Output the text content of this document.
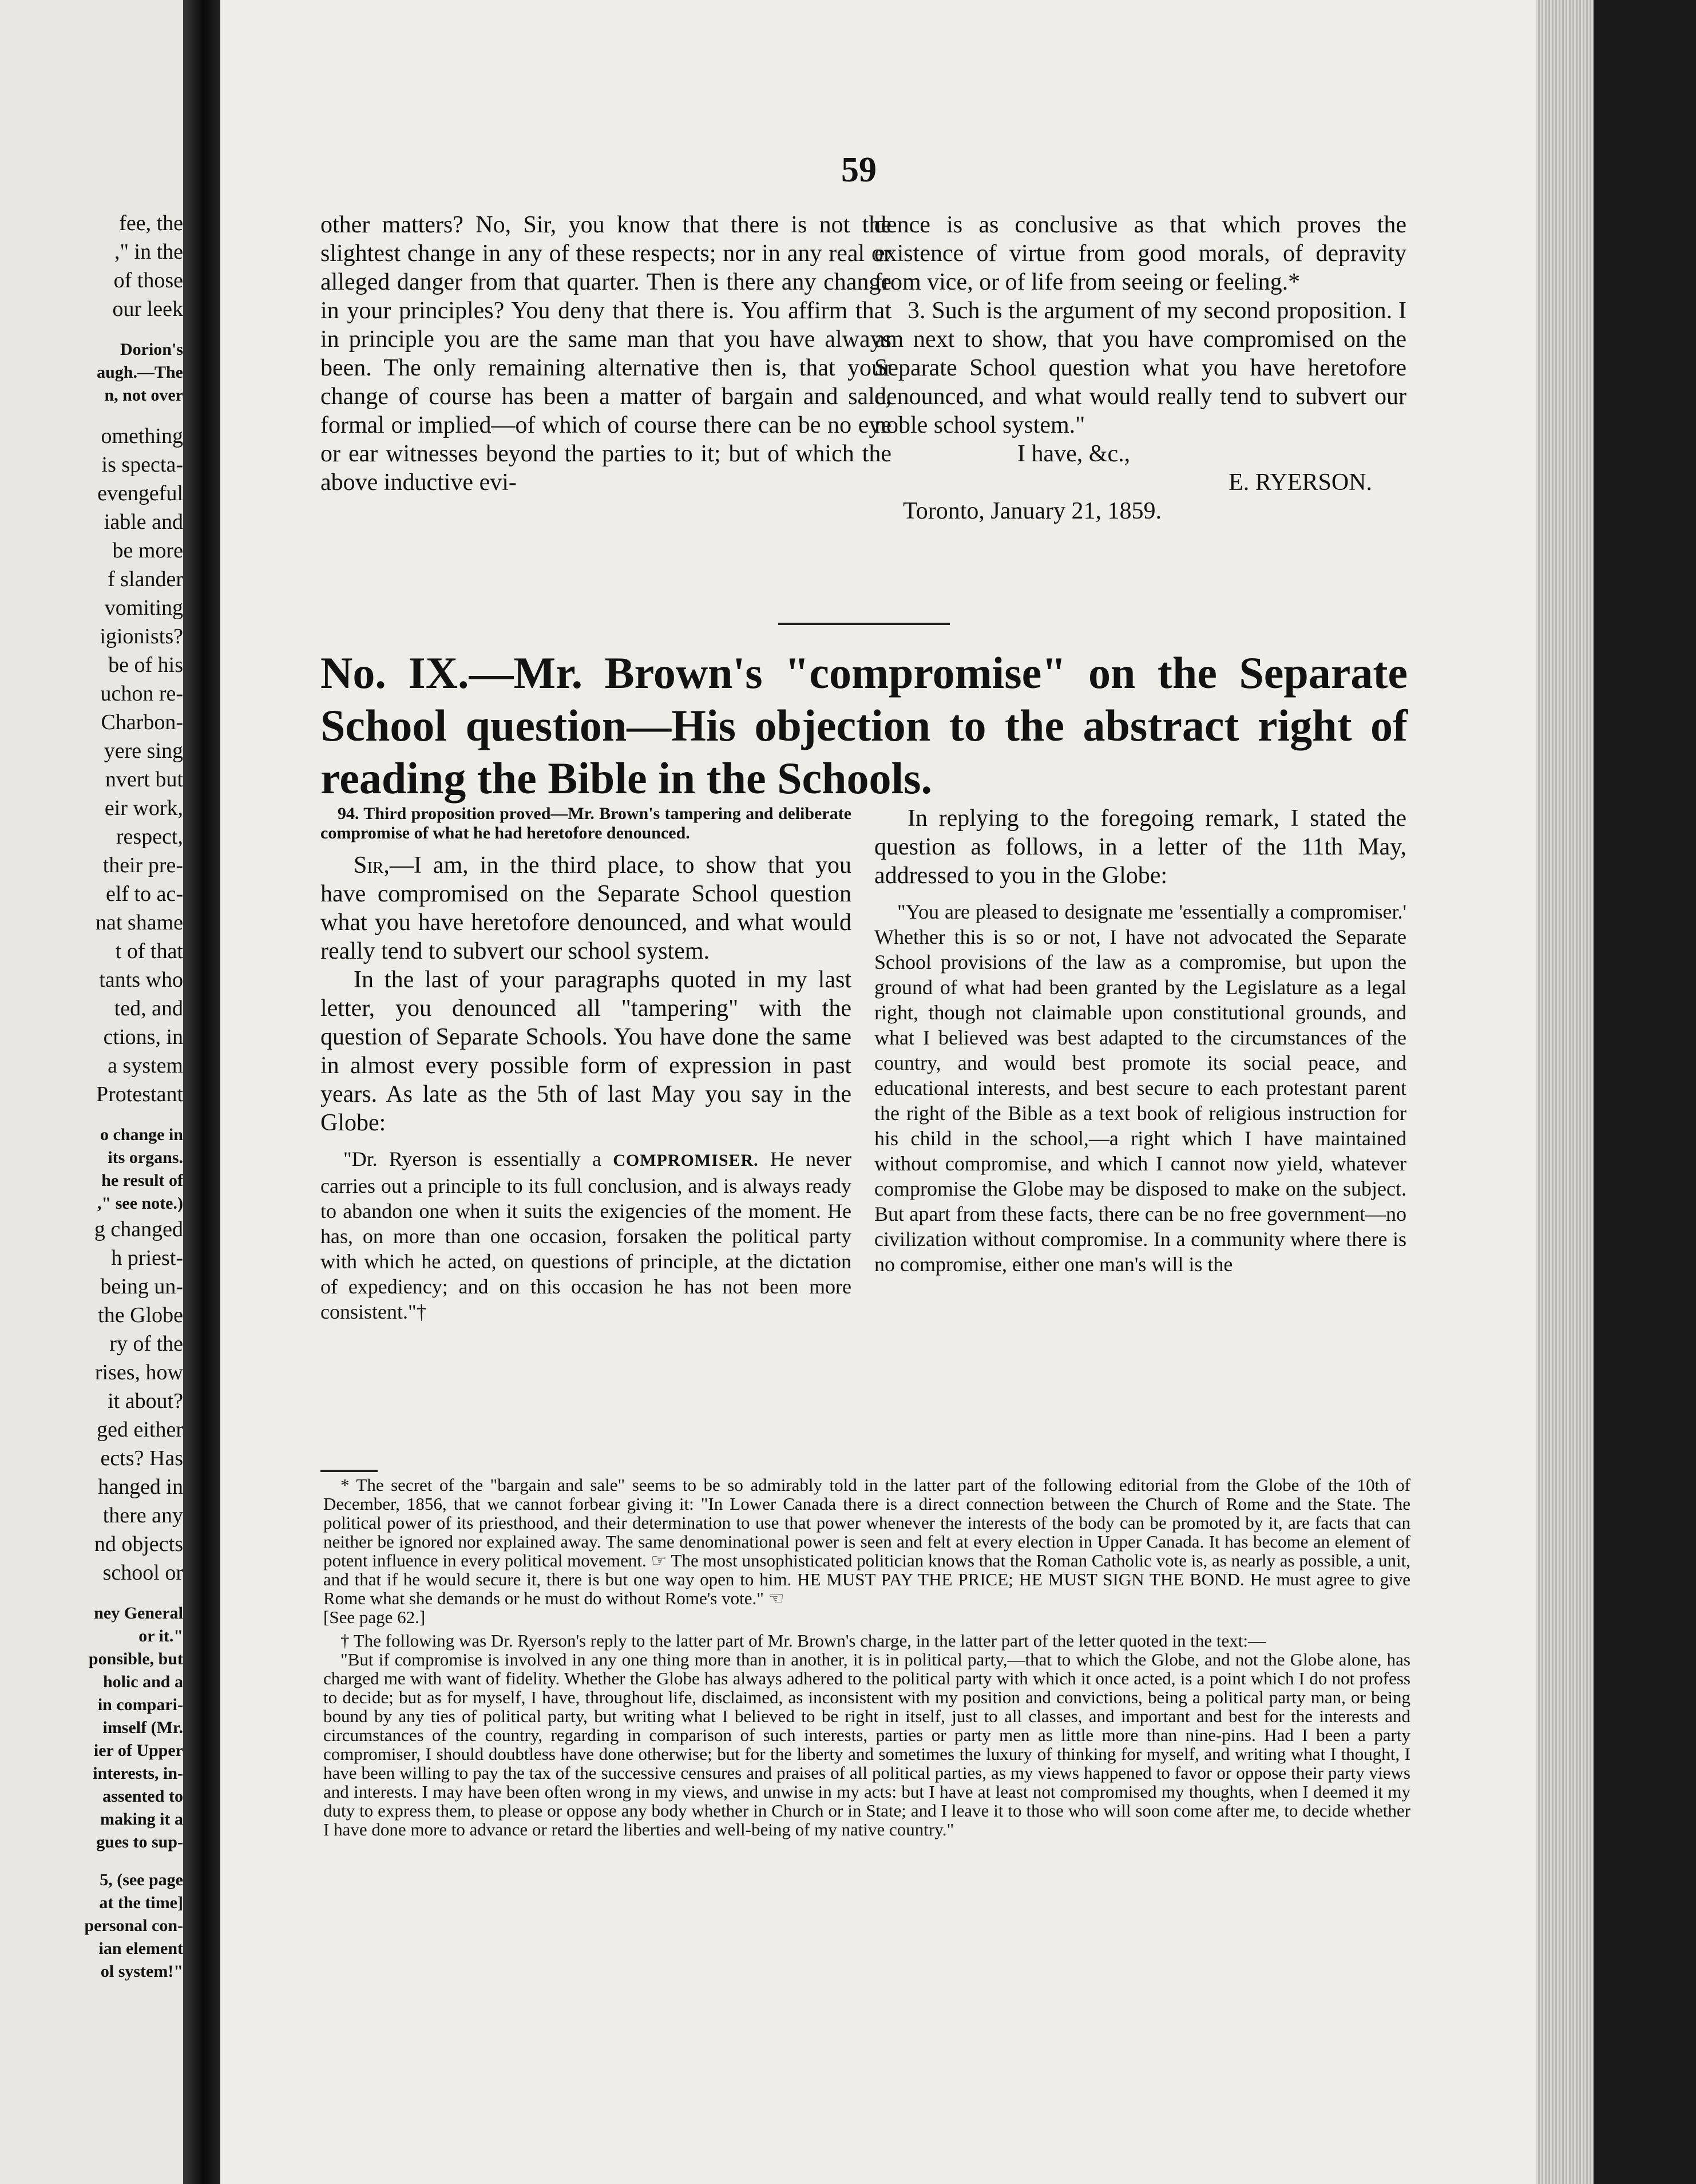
fee, the

," in the

of those

our leek

Dorion's

augh.—The

n, not over

omething

is specta-

evengeful

iable and

be more

f slander

vomiting

igionists?

be of his

uchon re-

Charbon-

yere sing

nvert but

eir work,

respect,

their pre-

elf to ac-

nat shame

t of that

tants who

ted, and

ctions, in

a system

Protestant

o change in

its organs.

he result of

," see note.)

g changed

h priest-

being un-

the Globe

ry of the

rises, how

it about?

ged either

ects? Has

hanged in

there any

nd objects

school or

ney General

or it."

ponsible, but

holic and a

in compari-

imself (Mr.

ier of Upper

interests, in-

assented to

making it a

gues to sup-

5, (see page

at the time]

personal con-

ian element

ol system!"

59

other matters? No, Sir, you know that there is not the slightest change in any of these respects; nor in any real or alleged danger from that quarter. Then is there any change in your principles? You deny that there is. You affirm that in principle you are the same man that you have always been. The only remaining alternative then is, that your change of course has been a matter of bargain and sale, formal or implied—of which of course there can be no eye or ear witnesses beyond the parties to it; but of which the above inductive evi-

dence is as conclusive as that which proves the existence of virtue from good morals, of depravity from vice, or of life from seeing or feeling.*

3. Such is the argument of my second proposition. I am next to show, that you have compromised on the Separate School question what you have heretofore denounced, and what would really tend to subvert our noble school system."

I have, &c.,

E. RYERSON.

Toronto, January 21, 1859.

No. IX.—Mr. Brown's "compromise" on the Separate School question—His objection to the abstract right of reading the Bible in the Schools.

94. Third proposition proved—Mr. Brown's tampering and deliberate compromise of what he had heretofore denounced.

Sir,—I am, in the third place, to show that you have compromised on the Separate School question what you have heretofore denounced, and what would really tend to subvert our school system.

In the last of your paragraphs quoted in my last letter, you denounced all "tampering" with the question of Separate Schools. You have done the same in almost every possible form of expression in past years. As late as the 5th of last May you say in the Globe:

"Dr. Ryerson is essentially a COMPROMISER. He never carries out a principle to its full conclusion, and is always ready to abandon one when it suits the exigencies of the moment. He has, on more than one occasion, forsaken the political party with which he acted, on questions of principle, at the dictation of expediency; and on this occasion he has not been more consistent."†

In replying to the foregoing remark, I stated the question as follows, in a letter of the 11th May, addressed to you in the Globe:

"You are pleased to designate me 'essentially a compromiser.' Whether this is so or not, I have not advocated the Separate School provisions of the law as a compromise, but upon the ground of what had been granted by the Legislature as a legal right, though not claimable upon constitutional grounds, and what I believed was best adapted to the circumstances of the country, and would best promote its social peace, and educational interests, and best secure to each protestant parent the right of the Bible as a text book of religious instruction for his child in the school,—a right which I have maintained without compromise, and which I cannot now yield, whatever compromise the Globe may be disposed to make on the subject. But apart from these facts, there can be no free government—no civilization without compromise. In a community where there is no compromise, either one man's will is the

* The secret of the "bargain and sale" seems to be so admirably told in the latter part of the following editorial from the Globe of the 10th of December, 1856, that we cannot forbear giving it: "In Lower Canada there is a direct connection between the Church of Rome and the State. The political power of its priesthood, and their determination to use that power whenever the interests of the body can be promoted by it, are facts that can neither be ignored nor explained away. The same denominational power is seen and felt at every election in Upper Canada. It has become an element of potent influence in every political movement. ☞ The most unsophisticated politician knows that the Roman Catholic vote is, as nearly as possible, a unit, and that if he would secure it, there is but one way open to him. HE MUST PAY THE PRICE; HE MUST SIGN THE BOND. He must agree to give Rome what she demands or he must do without Rome's vote." ☜

[See page 62.]

† The following was Dr. Ryerson's reply to the latter part of Mr. Brown's charge, in the latter part of the letter quoted in the text:—

"But if compromise is involved in any one thing more than in another, it is in political party,—that to which the Globe, and not the Globe alone, has charged me with want of fidelity. Whether the Globe has always adhered to the political party with which it once acted, is a point which I do not profess to decide; but as for myself, I have, throughout life, disclaimed, as inconsistent with my position and convictions, being a political party man, or being bound by any ties of political party, but writing what I believed to be right in itself, just to all classes, and important and best for the interests and circumstances of the country, regarding in comparison of such interests, parties or party men as little more than nine-pins. Had I been a party compromiser, I should doubtless have done otherwise; but for the liberty and sometimes the luxury of thinking for myself, and writing what I thought, I have been willing to pay the tax of the successive censures and praises of all political parties, as my views happened to favor or oppose their party views and interests. I may have been often wrong in my views, and unwise in my acts: but I have at least not compromised my thoughts, when I deemed it my duty to express them, to please or oppose any body whether in Church or in State; and I leave it to those who will soon come after me, to decide whether I have done more to advance or retard the liberties and well-being of my native country."
